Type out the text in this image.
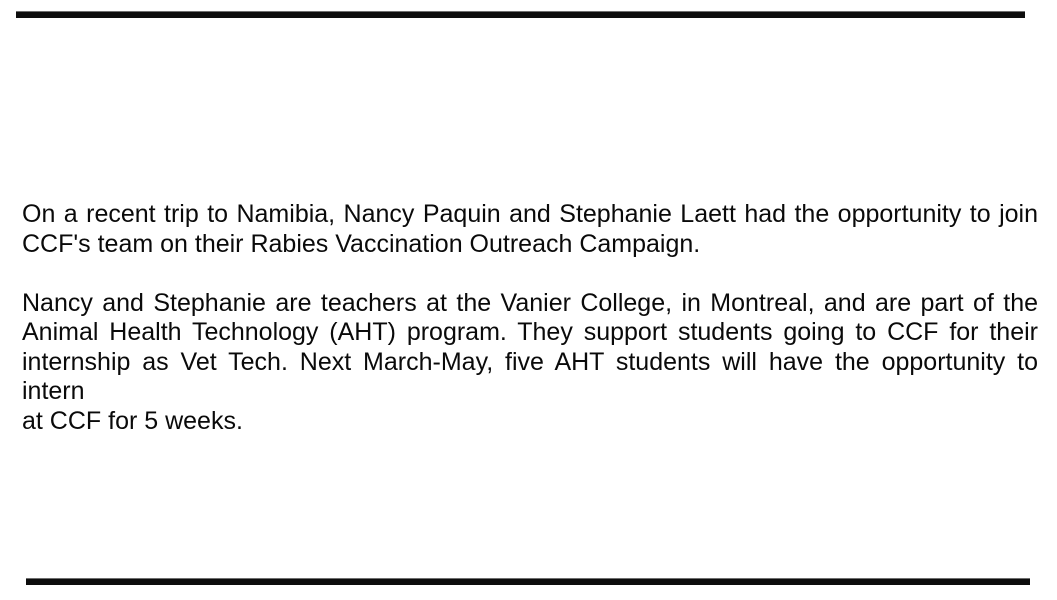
On a recent trip to Namibia, Nancy Paquin and Stephanie Laett had the opportunity to join
CCF's team on their Rabies Vaccination Outreach Campaign.
Nancy and Stephanie are teachers at the Vanier College, in Montreal, and are part of the
Animal Health Technology (AHT) program. They support students going to CCF for their
internship as Vet Tech. Next March-May, five AHT students will have the opportunity to intern
at CCF for 5 weeks.
